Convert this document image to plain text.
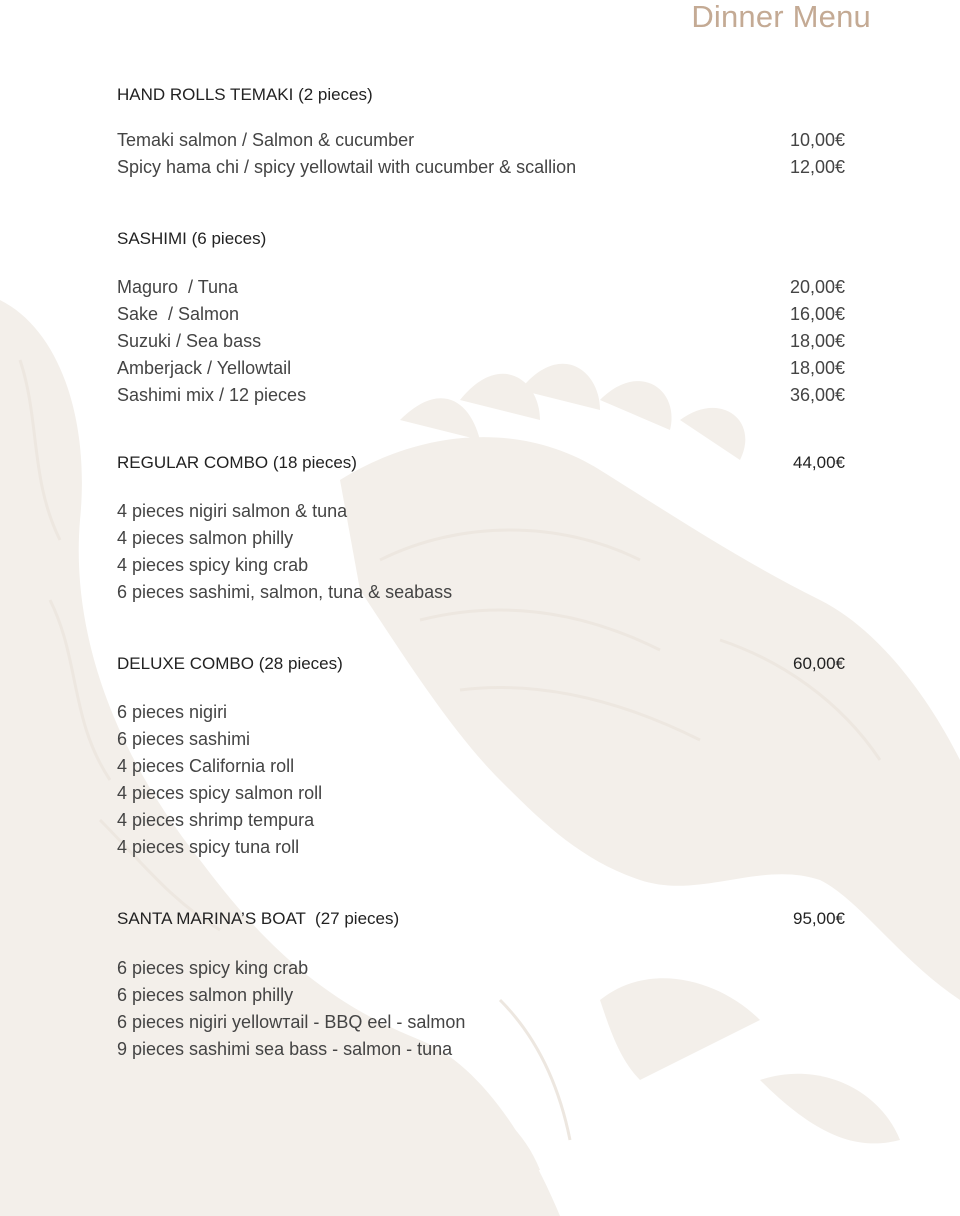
Dinner Menu
HAND ROLLS TEMAKI (2 pieces)
Temaki salmon / Salmon & cucumber	10,00€
Spicy hama chi / spicy yellowtail with cucumber & scallion	12,00€
SASHIMI (6 pieces)
Maguro  / Tuna	20,00€
Sake  / Salmon	16,00€
Suzuki / Sea bass	18,00€
Amberjack / Yellowtail	18,00€
Sashimi mix / 12 pieces	36,00€
REGULAR COMBO (18 pieces)	44,00€
4 pieces nigiri salmon & tuna
4 pieces salmon philly
4 pieces spicy king crab
6 pieces sashimi, salmon, tuna & seabass
DELUXE COMBO (28 pieces)	60,00€
6 pieces nigiri
6 pieces sashimi
4 pieces California roll
4 pieces spicy salmon roll
4 pieces shrimp tempura
4 pieces spicy tuna roll
SANTA MARINA’S BOAT  (27 pieces)	95,00€
6 pieces spicy king crab
6 pieces salmon philly
6 pieces nigiri yellowтail - BBQ eel - salmon
9 pieces sashimi sea bass - salmon - tuna
